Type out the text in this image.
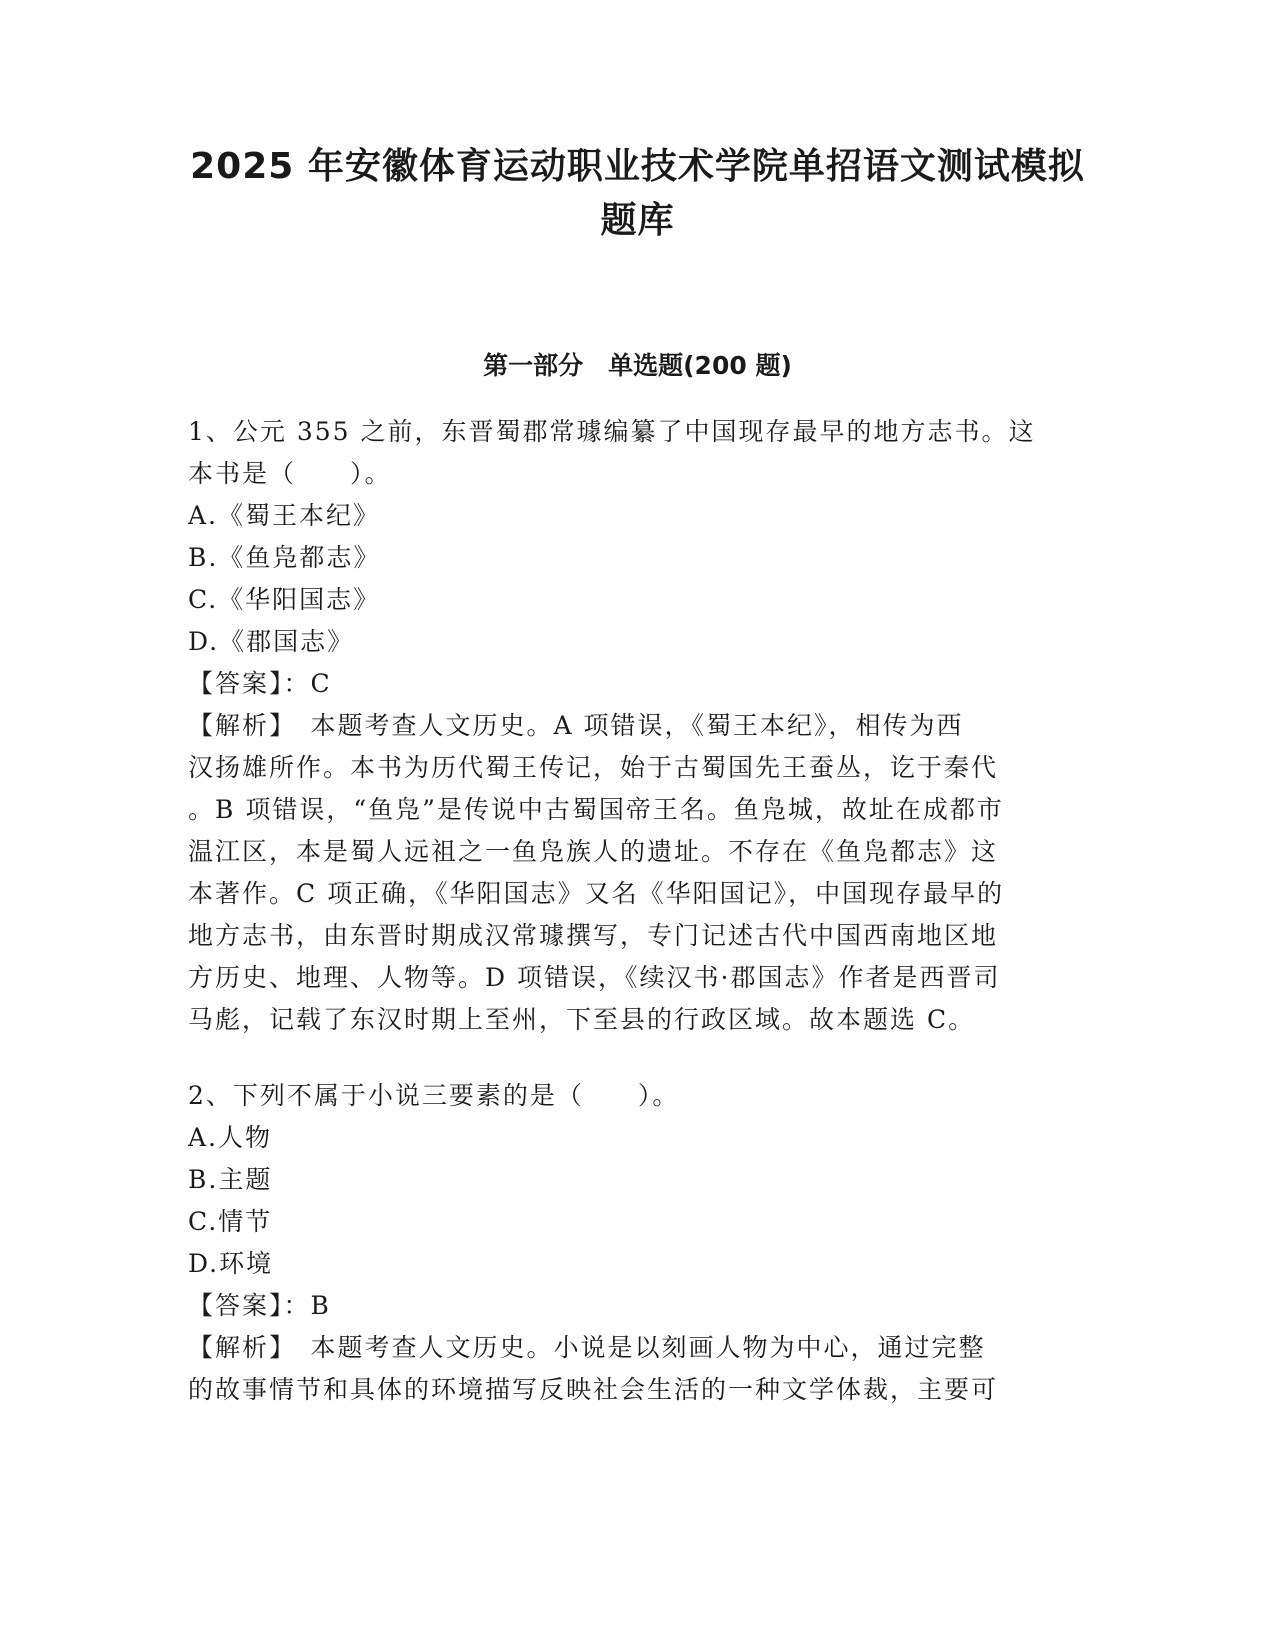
2025 年安徽体育运动职业技术学院单招语文测试模拟
题库
第一部分　单选题(200 题)
1、公元 355 之前，东晋蜀郡常璩编纂了中国现存最早的地方志书。这
本书是（　　）。
A.《蜀王本纪》
B.《鱼凫都志》
C.《华阳国志》
D.《郡国志》
【答案】：C
【解析】　本题考查人文历史。A 项错误，《蜀王本纪》，相传为西
汉扬雄所作。本书为历代蜀王传记，始于古蜀国先王蚕丛，讫于秦代
。B 项错误，“鱼凫”是传说中古蜀国帝王名。鱼凫城，故址在成都市
温江区，本是蜀人远祖之一鱼凫族人的遗址。不存在《鱼凫都志》这
本著作。C 项正确，《华阳国志》又名《华阳国记》，中国现存最早的
地方志书，由东晋时期成汉常璩撰写，专门记述古代中国西南地区地
方历史、地理、人物等。D 项错误，《续汉书·郡国志》作者是西晋司
马彪，记载了东汉时期上至州，下至县的行政区域。故本题选 C。
2、下列不属于小说三要素的是（　　）。
A.人物
B.主题
C.情节
D.环境
【答案】：B
【解析】　本题考查人文历史。小说是以刻画人物为中心，通过完整
的故事情节和具体的环境描写反映社会生活的一种文学体裁，主要可
